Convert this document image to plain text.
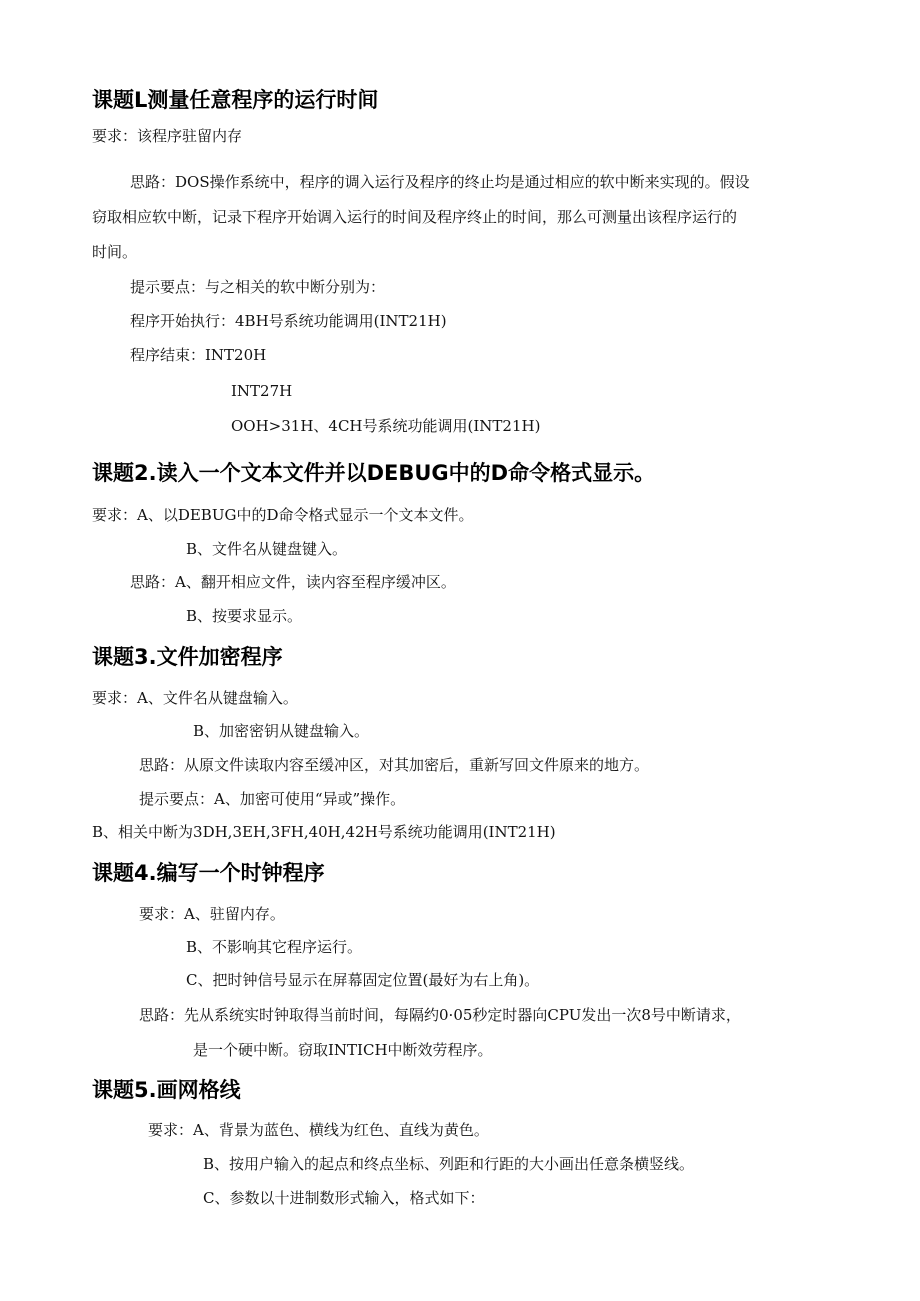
课题L测量任意程序的运行时间
要求：该程序驻留内存
思路：DOS操作系统中，程序的调入运行及程序的终止均是通过相应的软中断来实现的。假设
窃取相应软中断，记录下程序开始调入运行的时间及程序终止的时间，那么可测量出该程序运行的
时间。
提示要点：与之相关的软中断分别为：
程序开始执行：4BH号系统功能调用(INT21H)
程序结束：INT20H
INT27H
OOH>31H、4CH号系统功能调用(INT21H)
课题2.读入一个文本文件并以DEBUG中的D命令格式显示。
要求：A、以DEBUG中的D命令格式显示一个文本文件。
B、文件名从键盘键入。
思路：A、翻开相应文件，读内容至程序缓冲区。
B、按要求显示。
课题3.文件加密程序
要求：A、文件名从键盘输入。
B、加密密钥从键盘输入。
思路：从原文件读取内容至缓冲区，对其加密后，重新写回文件原来的地方。
提示要点：A、加密可使用“异或”操作。
B、相关中断为3DH,3EH,3FH,40H,42H号系统功能调用(INT21H)
课题4.编写一个时钟程序
要求：A、驻留内存。
B、不影响其它程序运行。
C、把时钟信号显示在屏幕固定位置(最好为右上角)。
思路：先从系统实时钟取得当前时间，每隔约0·05秒定时器向CPU发出一次8号中断请求，
是一个硬中断。窃取INTICH中断效劳程序。
课题5.画网格线
要求：A、背景为蓝色、横线为红色、直线为黄色。
B、按用户输入的起点和终点坐标、列距和行距的大小画出任意条横竖线。
C、参数以十进制数形式输入，格式如下：
